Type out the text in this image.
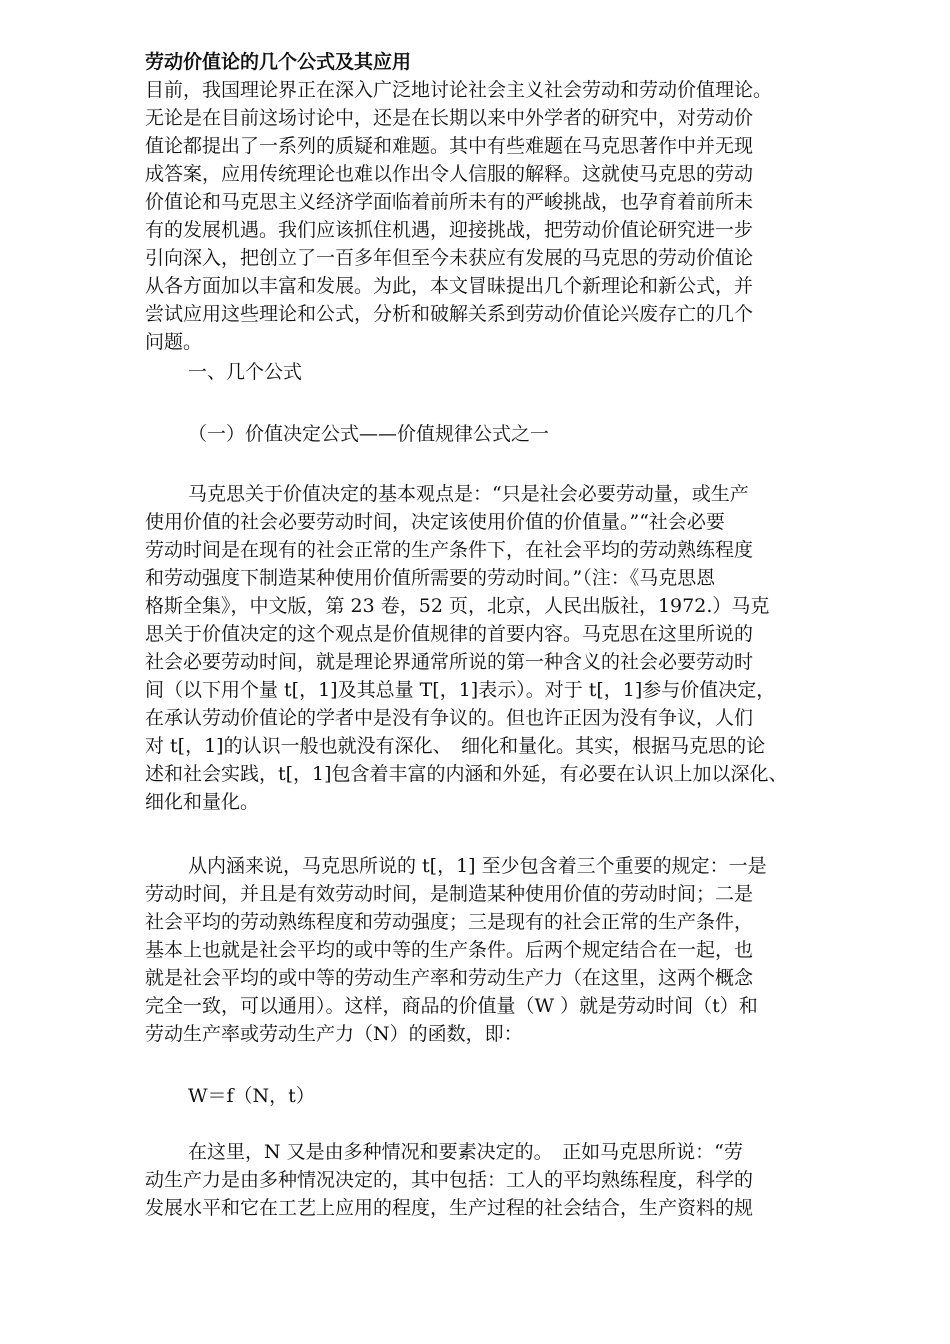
劳动价值论的几个公式及其应用
目前，我国理论界正在深入广泛地讨论社会主义社会劳动和劳动价值理论。
无论是在目前这场讨论中，还是在长期以来中外学者的研究中，对劳动价
值论都提出了一系列的质疑和难题。其中有些难题在马克思著作中并无现
成答案，应用传统理论也难以作出令人信服的解释。这就使马克思的劳动
价值论和马克思主义经济学面临着前所未有的严峻挑战，也孕育着前所未
有的发展机遇。我们应该抓住机遇，迎接挑战，把劳动价值论研究进一步
引向深入，把创立了一百多年但至今未获应有发展的马克思的劳动价值论
从各方面加以丰富和发展。为此，本文冒昧提出几个新理论和新公式，并
尝试应用这些理论和公式，分析和破解关系到劳动价值论兴废存亡的几个
问题。
一、几个公式
（一）价值决定公式——价值规律公式之一
马克思关于价值决定的基本观点是：“只是社会必要劳动量，或生产
使用价值的社会必要劳动时间，决定该使用价值的价值量。”“社会必要
劳动时间是在现有的社会正常的生产条件下，在社会平均的劳动熟练程度
和劳动强度下制造某种使用价值所需要的劳动时间。”（注：《马克思恩
格斯全集》，中文版，第 23 卷，52 页，北京，人民出版社，1972.）马克
思关于价值决定的这个观点是价值规律的首要内容。马克思在这里所说的
社会必要劳动时间，就是理论界通常所说的第一种含义的社会必要劳动时
间（以下用个量 t[，1]及其总量 T[，1]表示）。对于 t[，1]参与价值决定，
在承认劳动价值论的学者中是没有争议的。但也许正因为没有争议，人们
对 t[，1]的认识一般也就没有深化、　细化和量化。其实，根据马克思的论
述和社会实践，t[，1]包含着丰富的内涵和外延，有必要在认识上加以深化、
细化和量化。
从内涵来说，马克思所说的 t[，1] 至少包含着三个重要的规定：一是
劳动时间，并且是有效劳动时间，是制造某种使用价值的劳动时间；二是
社会平均的劳动熟练程度和劳动强度；三是现有的社会正常的生产条件，
基本上也就是社会平均的或中等的生产条件。后两个规定结合在一起，也
就是社会平均的或中等的劳动生产率和劳动生产力（在这里，这两个概念
完全一致，可以通用）。这样，商品的价值量（W ）就是劳动时间（t）和
劳动生产率或劳动生产力（N）的函数，即：
W＝f（N，t）
在这里，N 又是由多种情况和要素决定的。　正如马克思所说：“劳
动生产力是由多种情况决定的，其中包括：工人的平均熟练程度，科学的
发展水平和它在工艺上应用的程度，生产过程的社会结合，生产资料的规
